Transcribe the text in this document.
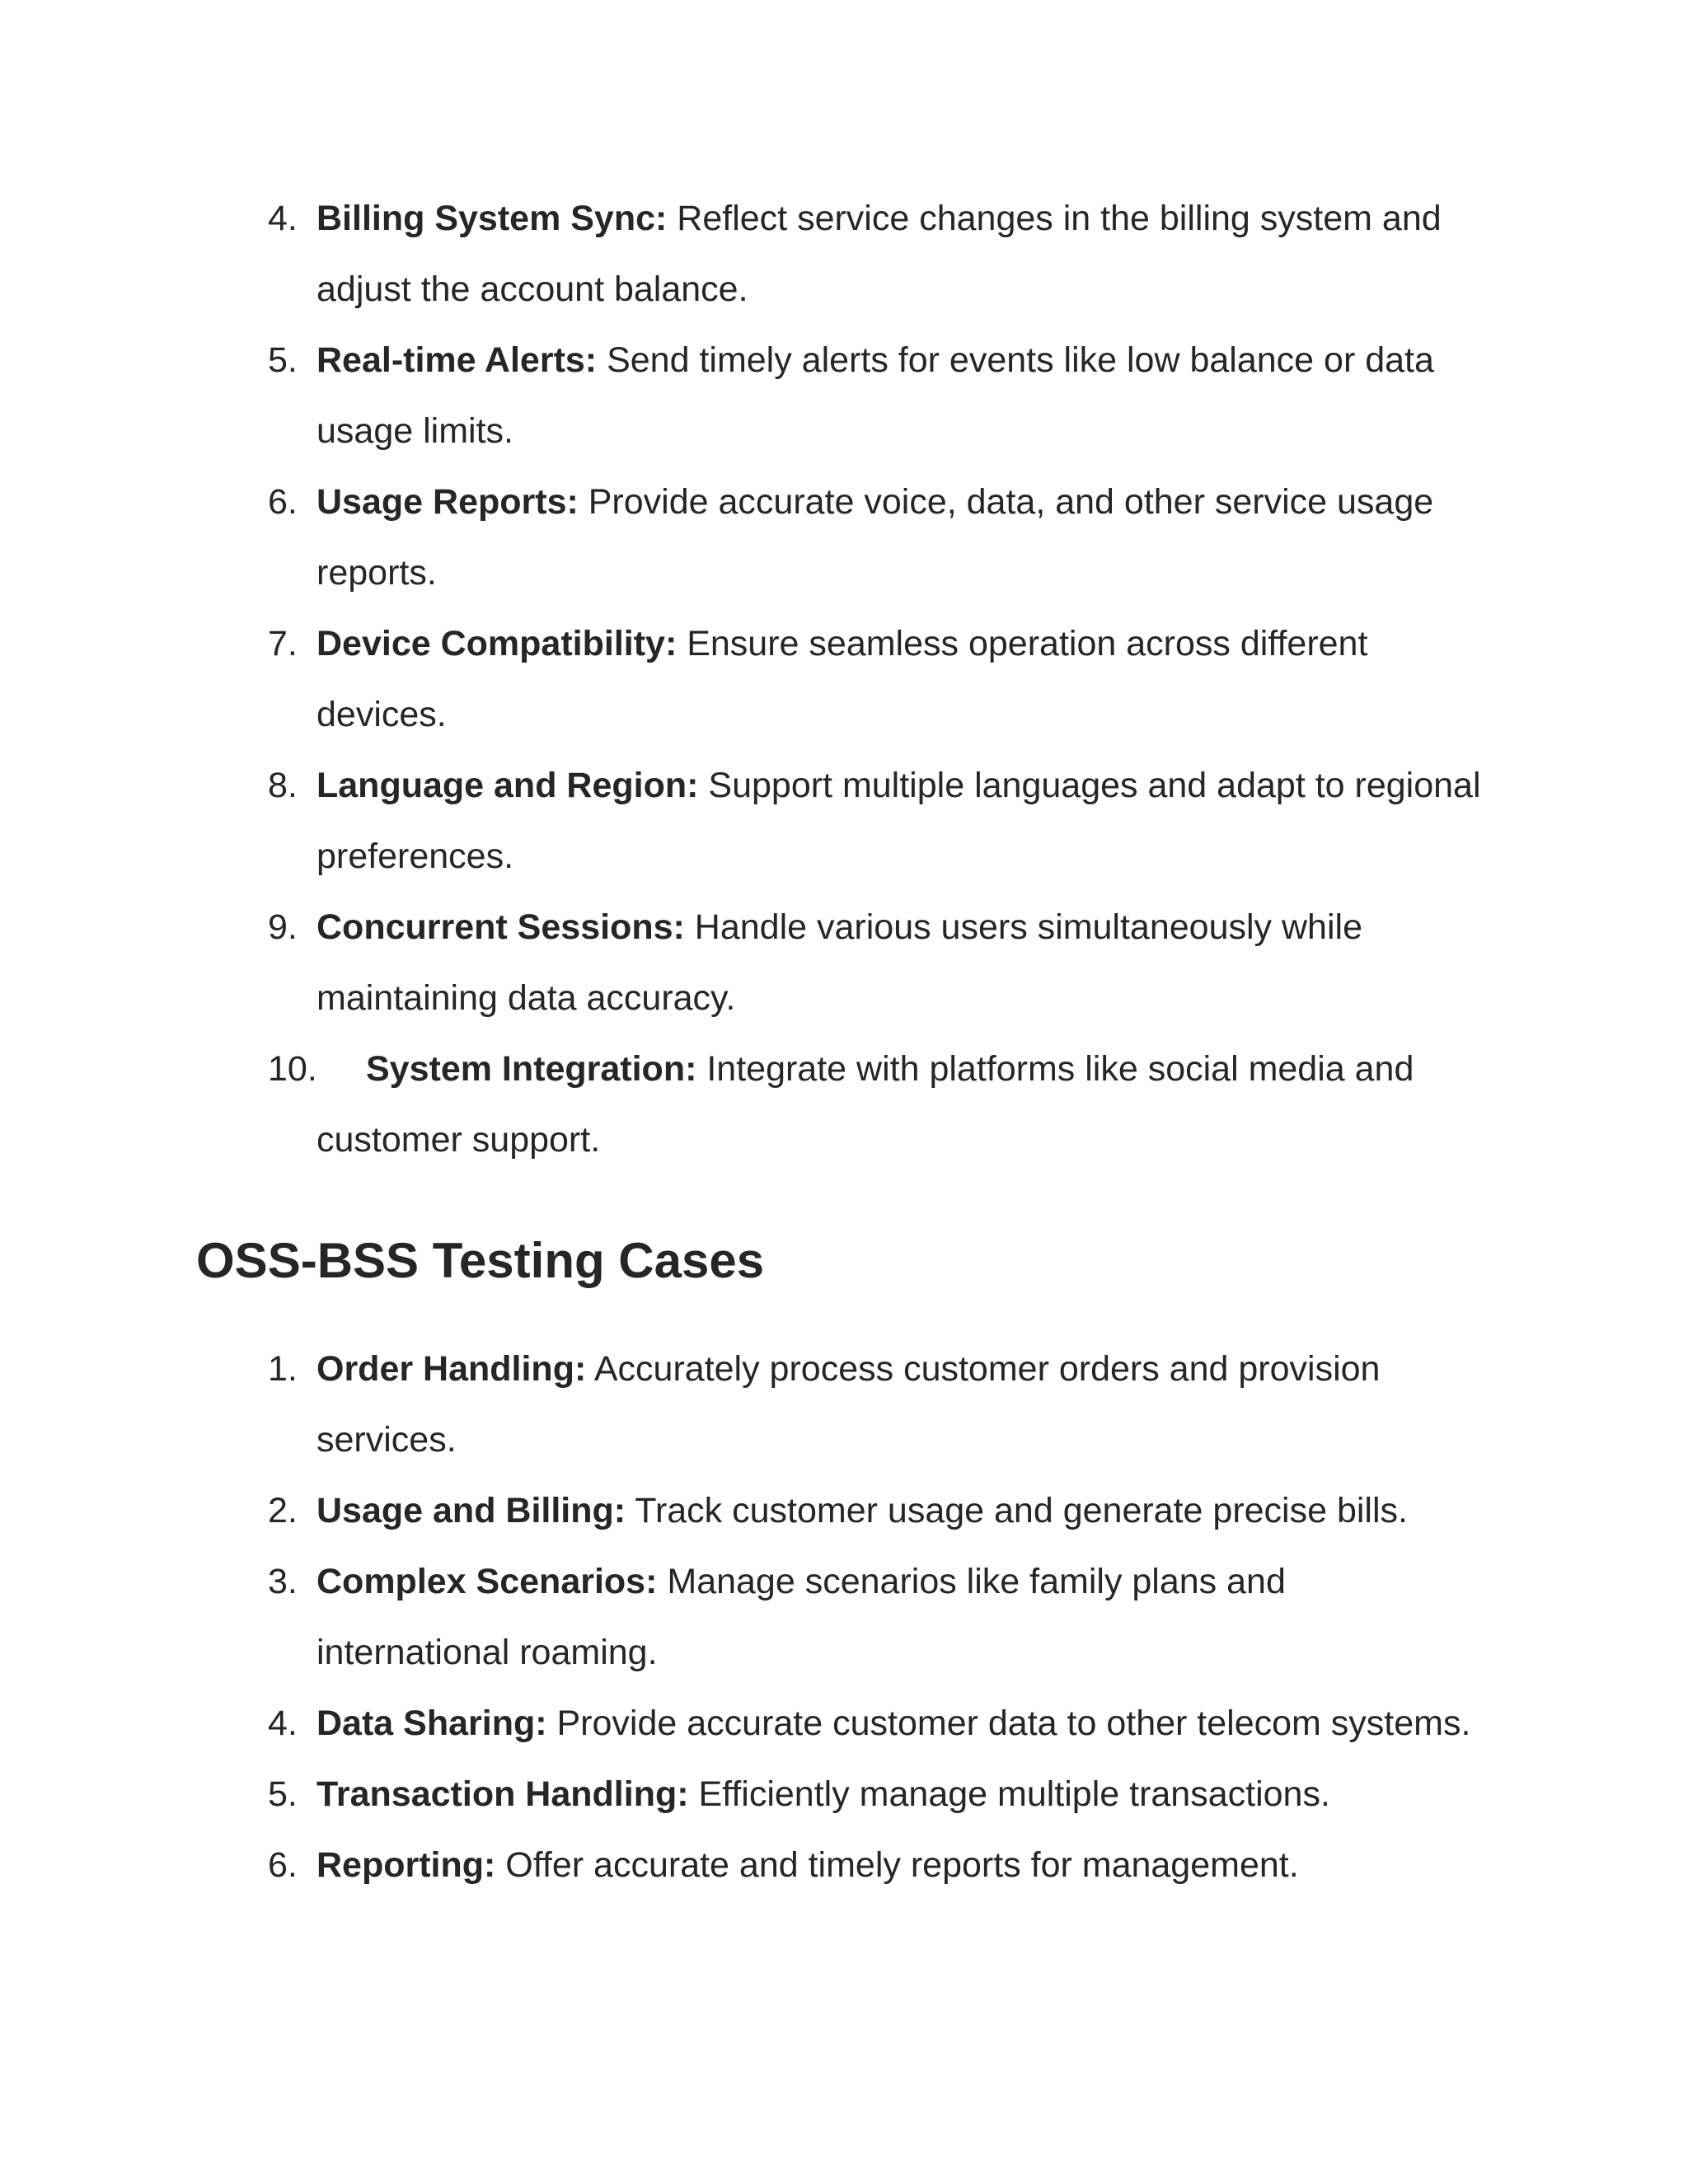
4. Billing System Sync: Reflect service changes in the billing system and adjust the account balance.
5. Real-time Alerts: Send timely alerts for events like low balance or data usage limits.
6. Usage Reports: Provide accurate voice, data, and other service usage reports.
7. Device Compatibility: Ensure seamless operation across different devices.
8. Language and Region: Support multiple languages and adapt to regional preferences.
9. Concurrent Sessions: Handle various users simultaneously while maintaining data accuracy.
10.	System Integration: Integrate with platforms like social media and customer support.
OSS-BSS Testing Cases
1. Order Handling: Accurately process customer orders and provision services.
2. Usage and Billing: Track customer usage and generate precise bills.
3. Complex Scenarios: Manage scenarios like family plans and international roaming.
4. Data Sharing: Provide accurate customer data to other telecom systems.
5. Transaction Handling: Efficiently manage multiple transactions.
6. Reporting: Offer accurate and timely reports for management.
